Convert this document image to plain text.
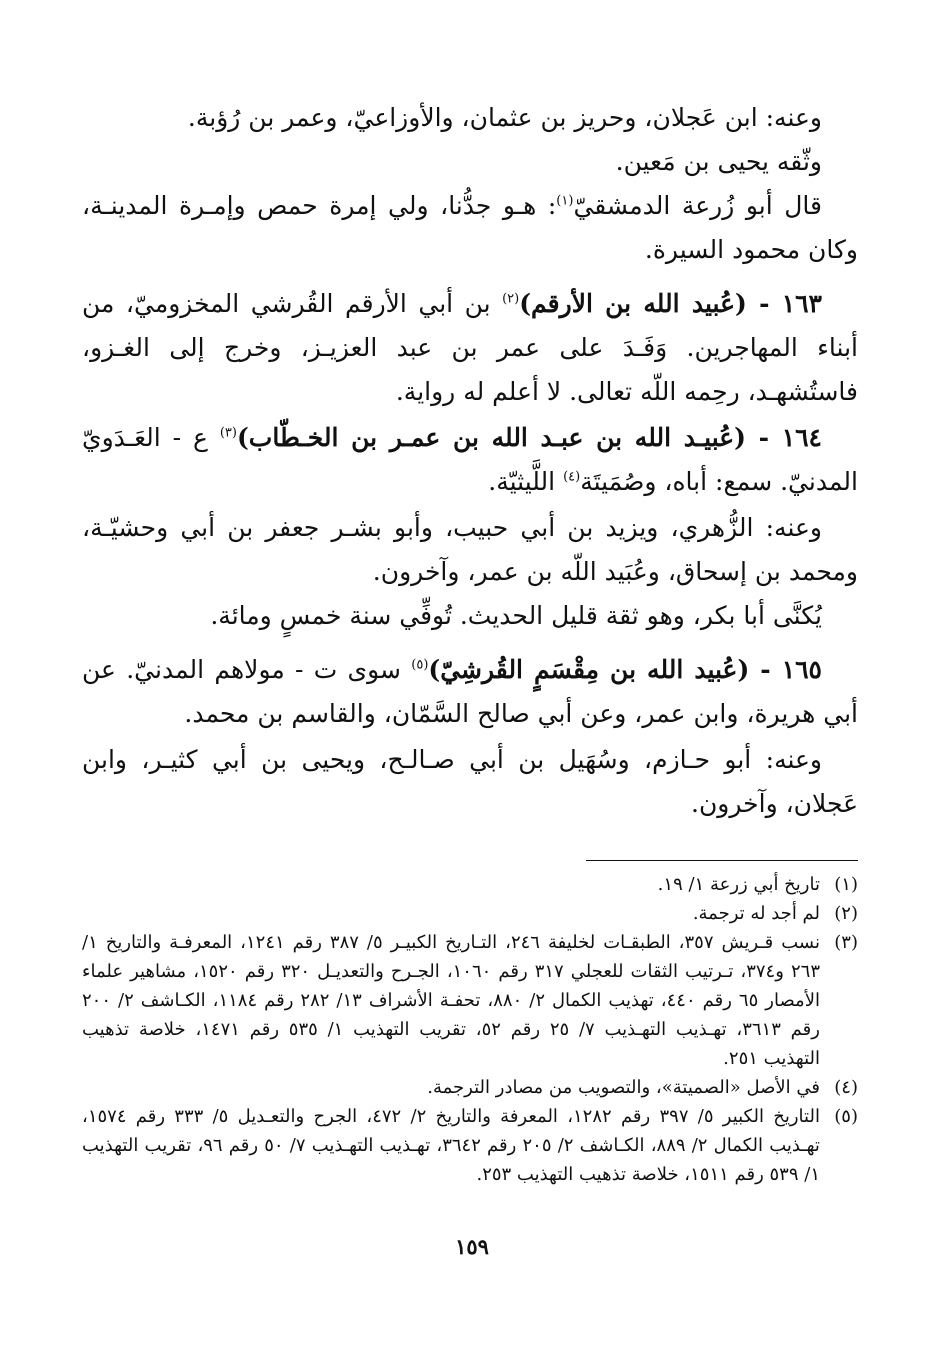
وعنه: ابن عَجلان، وحريز بن عثمان، والأوزاعيّ، وعمر بن رُؤبة.

وثّقه يحيى بن مَعين.

قال أبو زُرعة الدمشقيّ$^{(١)}$: هـو جدُّنا، ولي إمرة حمص وإمـرة المدينـة، وكان محمود السيرة.

١٦٣ - (عُبيد الله بن الأرقم)$^{(٢)}$ بن أبي الأرقم القُرشي المخزوميّ، من أبناء المهاجرين. وَفَـدَ على عمر بن عبد العزيـز، وخرج إلى الغـزو، فاستُشهـد، رحِمه اللّه تعالى. لا أعلم له رواية.

١٦٤ - (عُبيـد الله بن عبـد الله بن عمـر بن الخـطّاب)$^{(٣)}$ ع - العَـدَويّ المدنيّ. سمع: أباه، وصُمَيتَة$^{(٤)}$ اللَّيثيّة.

وعنه: الزُّهري، ويزيد بن أبي حبيب، وأبو بشـر جعفر بن أبي وحشيّـة، ومحمد بن إسحاق، وعُبَيد اللّه بن عمر، وآخرون.

يُكنَّى أبا بكر، وهو ثقة قليل الحديث. تُوفِّي سنة خمسٍ ومائة.

١٦٥ - (عُبيد الله بن مِقْسَمٍ القُرشِيّ)$^{(٥)}$ سوى ت - مولاهم المدنيّ. عن أبي هريرة، وابن عمر، وعن أبي صالح السَّمّان، والقاسم بن محمد.

وعنه: أبو حـازم، وسُهَيل بن أبي صـالـح، ويحيى بن أبي كثيـر، وابن عَجلان، وآخرون.

(١)
تاريخ أبي زرعة ١/ ١٩.
(٢)
لم أجد له ترجمة.
(٣)
نسب قـريش ٣٥٧، الطبقـات لخليفة ٢٤٦، التـاريخ الكبيـر ٥/ ٣٨٧ رقم ١٢٤١، المعرفـة والتاريخ ١/ ٢٦٣ و٣٧٤، تـرتيب الثقات للعجلي ٣١٧ رقم ١٠٦٠، الجـرح والتعديـل ٣٢٠ رقم ١٥٢٠، مشاهير علماء الأمصار ٦٥ رقم ٤٤٠، تهذيب الكمال ٢/ ٨٨٠، تحفـة الأشراف ١٣/ ٢٨٢ رقم ١١٨٤، الكـاشف ٢/ ٢٠٠ رقم ٣٦١٣، تهـذيب التهـذيب ٧/ ٢٥ رقم ٥٢، تقريب التهذيب ١/ ٥٣٥ رقم ١٤٧١، خلاصة تذهيب التهذيب ٢٥١.
(٤)
في الأصل «الصميتة»، والتصويب من مصادر الترجمة.
(٥)
التاريخ الكبير ٥/ ٣٩٧ رقم ١٢٨٢، المعرفة والتاريخ ٢/ ٤٧٢، الجرح والتعـديل ٥/ ٣٣٣ رقم ١٥٧٤، تهـذيب الكمال ٢/ ٨٨٩، الكـاشف ٢/ ٢٠٥ رقم ٣٦٤٢، تهـذيب التهـذيب ٧/ ٥٠ رقم ٩٦، تقريب التهذيب ١/ ٥٣٩ رقم ١٥١١، خلاصة تذهيب التهذيب ٢٥٣.
١٥٩
